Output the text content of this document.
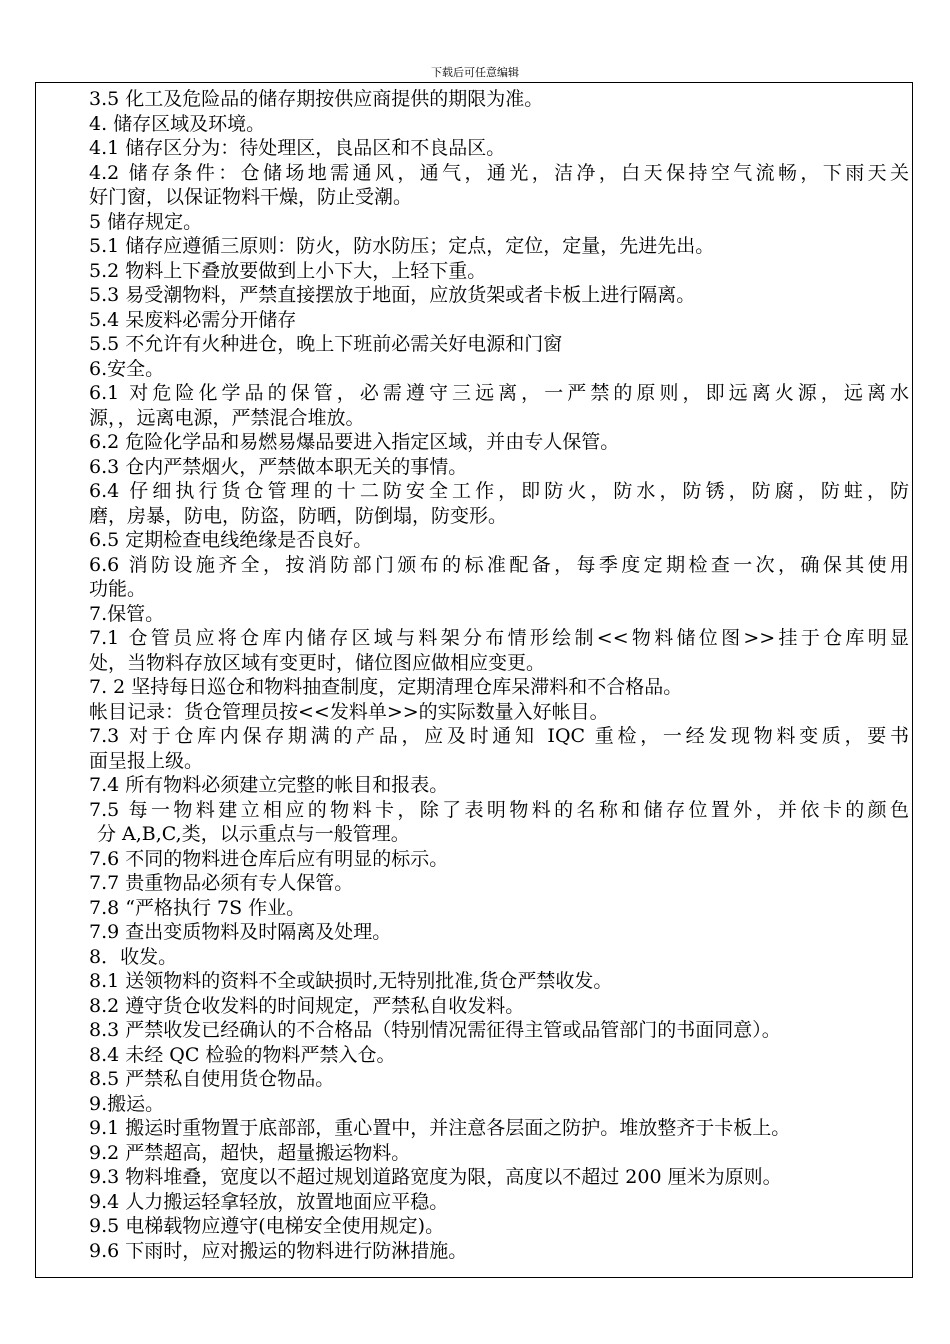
下载后可任意编辑
3.5 化工及危险品的储存期按供应商提供的期限为准。
4. 储存区域及环境。
4.1 储存区分为：待处理区，良品区和不良品区。
4.2 储存条件：仓储场地需通风，通气，通光，洁净，白天保持空气流畅，下雨天关
好门窗，以保证物料干燥，防止受潮。
5 储存规定。
5.1 储存应遵循三原则：防火，防水防压；定点，定位，定量，先进先出。
5.2 物料上下叠放要做到上小下大，上轻下重。
5.3 易受潮物料，严禁直接摆放于地面，应放货架或者卡板上进行隔离。
5.4 呆废料必需分开储存
5.5 不允许有火种进仓，晚上下班前必需关好电源和门窗
6.安全。
6.1 对危险化学品的保管，必需遵守三远离，一严禁的原则，即远离火源，远离水
源，，远离电源，严禁混合堆放。
6.2 危险化学品和易燃易爆品要进入指定区域，并由专人保管。
6.3 仓内严禁烟火，严禁做本职无关的事情。
6.4 仔细执行货仓管理的十二防安全工作，即防火，防水，防锈，防腐，防蛀，防
磨，房暴，防电，防盗，防晒，防倒塌，防变形。
6.5 定期检查电线绝缘是否良好。
6.6 消防设施齐全，按消防部门颁布的标准配备，每季度定期检查一次，确保其使用
功能。
7.保管。
7.1 仓管员应将仓库内储存区域与料架分布情形绘制<<物料储位图>>挂于仓库明显
处，当物料存放区域有变更时，储位图应做相应变更。
7. 2 坚持每日巡仓和物料抽查制度，定期清理仓库呆滞料和不合格品。
帐目记录：货仓管理员按<<发料单>>的实际数量入好帐目。
7.3 对于仓库内保存期满的产品，应及时通知 IQC 重检，一经发现物料变质，要书
面呈报上级。
7.4 所有物料必须建立完整的帐目和报表。
7.5 每一物料建立相应的物料卡，除了表明物料的名称和储存位置外，并依卡的颜色
分 A,B,C,类，以示重点与一般管理。
7.6 不同的物料进仓库后应有明显的标示。
7.7 贵重物品必须有专人保管。
7.8 “严格执行 7S 作业。
7.9 查出变质物料及时隔离及处理。
8．收发。
8.1 送领物料的资料不全或缺损时,无特别批准,货仓严禁收发。
8.2 遵守货仓收发料的时间规定，严禁私自收发料。
8.3 严禁收发已经确认的不合格品（特别情况需征得主管或品管部门的书面同意）。
8.4 未经 QC 检验的物料严禁入仓。
8.5 严禁私自使用货仓物品。
9.搬运。
9.1 搬运时重物置于底部部，重心置中，并注意各层面之防护。堆放整齐于卡板上。
9.2 严禁超高，超快，超量搬运物料。
9.3 物料堆叠，宽度以不超过规划道路宽度为限，高度以不超过 200 厘米为原则。
9.4 人力搬运轻拿轻放，放置地面应平稳。
9.5 电梯载物应遵守(电梯安全使用规定)。
9.6 下雨时，应对搬运的物料进行防淋措施。
